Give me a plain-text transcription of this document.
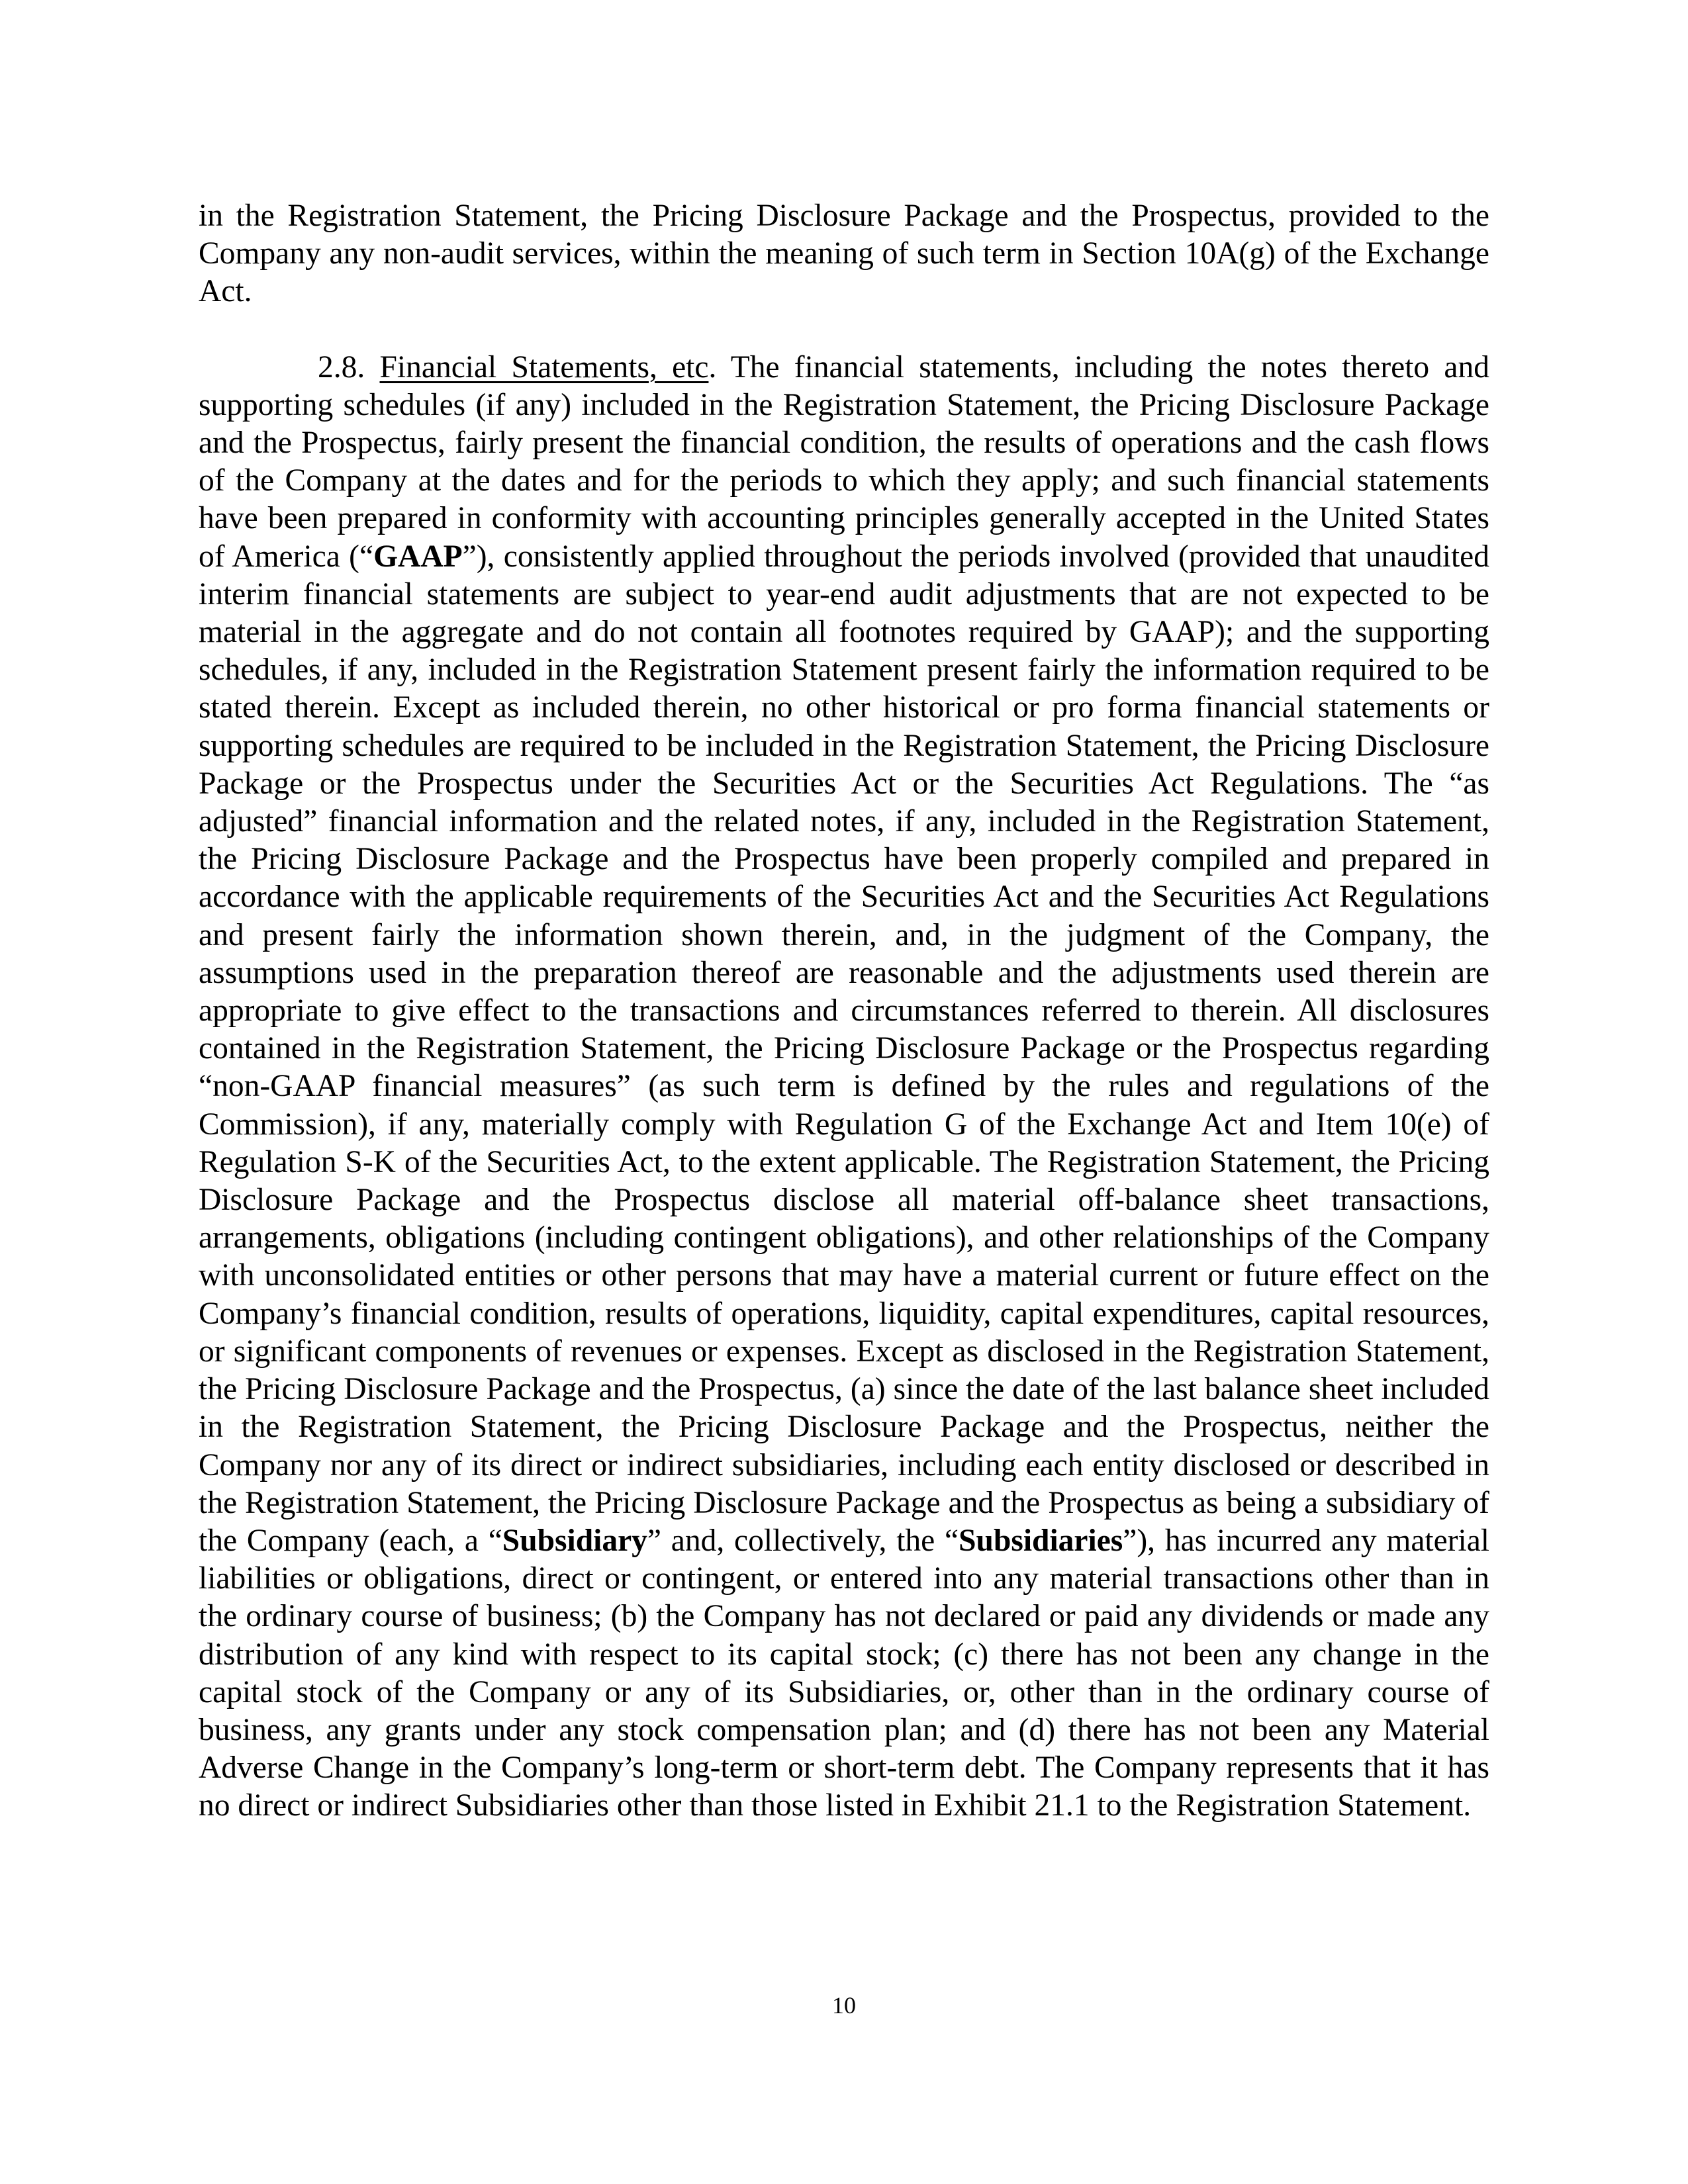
in the Registration Statement, the Pricing Disclosure Package and the Prospectus, provided to the Company any non-audit services, within the meaning of such term in Section 10A(g) of the Exchange Act.

2.8. Financial Statements, etc. The financial statements, including the notes thereto and supporting schedules (if any) included in the Registration Statement, the Pricing Disclosure Package and the Prospectus, fairly present the financial condition, the results of operations and the cash flows of the Company at the dates and for the periods to which they apply; and such financial statements have been prepared in conformity with accounting principles generally accepted in the United States of America (“GAAP”), consistently applied throughout the periods involved (provided that unaudited interim financial statements are subject to year-end audit adjustments that are not expected to be material in the aggregate and do not contain all footnotes required by GAAP); and the supporting schedules, if any, included in the Registration Statement present fairly the information required to be stated therein. Except as included therein, no other historical or pro forma financial statements or supporting schedules are required to be included in the Registration Statement, the Pricing Disclosure Package or the Prospectus under the Securities Act or the Securities Act Regulations. The “as adjusted” financial information and the related notes, if any, included in the Registration Statement, the Pricing Disclosure Package and the Prospectus have been properly compiled and prepared in accordance with the applicable requirements of the Securities Act and the Securities Act Regulations and present fairly the information shown therein, and, in the judgment of the Company, the assumptions used in the preparation thereof are reasonable and the adjustments used therein are appropriate to give effect to the transactions and circumstances referred to therein. All disclosures contained in the Registration Statement, the Pricing Disclosure Package or the Prospectus regarding “non-GAAP financial measures” (as such term is defined by the rules and regulations of the Commission), if any, materially comply with Regulation G of the Exchange Act and Item 10(e) of Regulation S-K of the Securities Act, to the extent applicable. The Registration Statement, the Pricing Disclosure Package and the Prospectus disclose all material off-balance sheet transactions, arrangements, obligations (including contingent obligations), and other relationships of the Company with unconsolidated entities or other persons that may have a material current or future effect on the Company’s financial condition, results of operations, liquidity, capital expenditures, capital resources, or significant components of revenues or expenses. Except as disclosed in the Registration Statement, the Pricing Disclosure Package and the Prospectus, (a) since the date of the last balance sheet included in the Registration Statement, the Pricing Disclosure Package and the Prospectus, neither the Company nor any of its direct or indirect subsidiaries, including each entity disclosed or described in the Registration Statement, the Pricing Disclosure Package and the Prospectus as being a subsidiary of the Company (each, a “Subsidiary” and, collectively, the “Subsidiaries”), has incurred any material liabilities or obligations, direct or contingent, or entered into any material transactions other than in the ordinary course of business; (b) the Company has not declared or paid any dividends or made any distribution of any kind with respect to its capital stock; (c) there has not been any change in the capital stock of the Company or any of its Subsidiaries, or, other than in the ordinary course of business, any grants under any stock compensation plan; and (d) there has not been any Material Adverse Change in the Company’s long-term or short-term debt. The Company represents that it has no direct or indirect Subsidiaries other than those listed in Exhibit 21.1 to the Registration Statement.

10
